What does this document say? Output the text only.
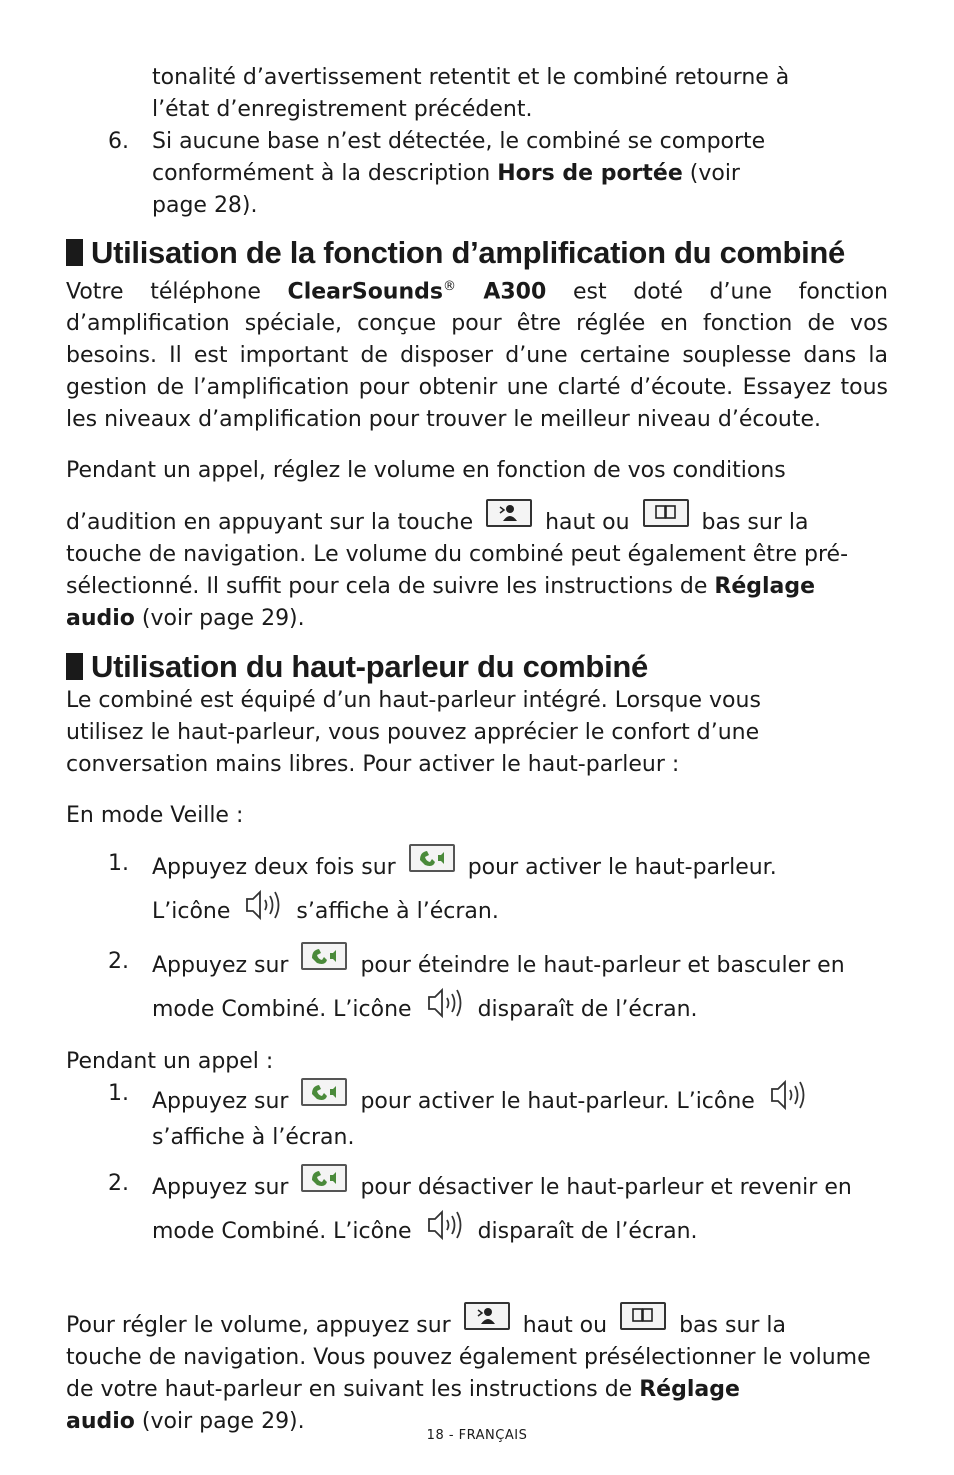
tonalité d’avertissement retentit et le combiné retourne à
l’état d’enregistrement précédent.
6. Si aucune base n’est détectée, le combiné se comporte
conformément à la description Hors de portée (voir
page 28).
Utilisation de la fonction d’amplification du combiné

Votre téléphone ClearSounds® A300 est doté d’une fonction d’amplification spéciale, conçue pour être réglée en fonction de vos besoins. Il est important de disposer d’une certaine souplesse dans la gestion de l’amplification pour obtenir une clarté d’écoute. Essayez tous les niveaux d’amplification pour trouver le meilleur niveau d’écoute.

Pendant un appel, réglez le volume en fonction de vos conditions
d’audition en appuyant sur la touche	haut ou	bas sur la
touche de navigation. Le volume du combiné peut également être pré-sélectionné. Il suffit pour cela de suivre les instructions de Réglage
audio (voir page 29).

Utilisation du haut-parleur du combiné

Le combiné est équipé d’un haut-parleur intégré. Lorsque vous utilisez le haut-parleur, vous pouvez apprécier le confort d’une conversation mains libres. Pour activer le haut-parleur :

En mode Veille :

1. Appuyez deux fois sur	pour activer le haut-parleur.
L’icône  s’affiche à l’écran.
2. Appuyez sur	pour éteindre le haut-parleur et basculer en
mode Combiné. L’icône  disparaît de l’écran.

Pendant un appel :

1. Appuyez sur	pour activer le haut-parleur. L’icône
s’affiche à l’écran.
2. Appuyez sur	pour désactiver le haut-parleur et revenir en
mode Combiné. L’icône  disparaît de l’écran.

Pour régler le volume, appuyez sur	haut ou	bas sur la
touche de navigation. Vous pouvez également présélectionner le volume de votre haut-parleur en suivant les instructions de Réglage
audio (voir page 29).

18 - FRANÇAIS
